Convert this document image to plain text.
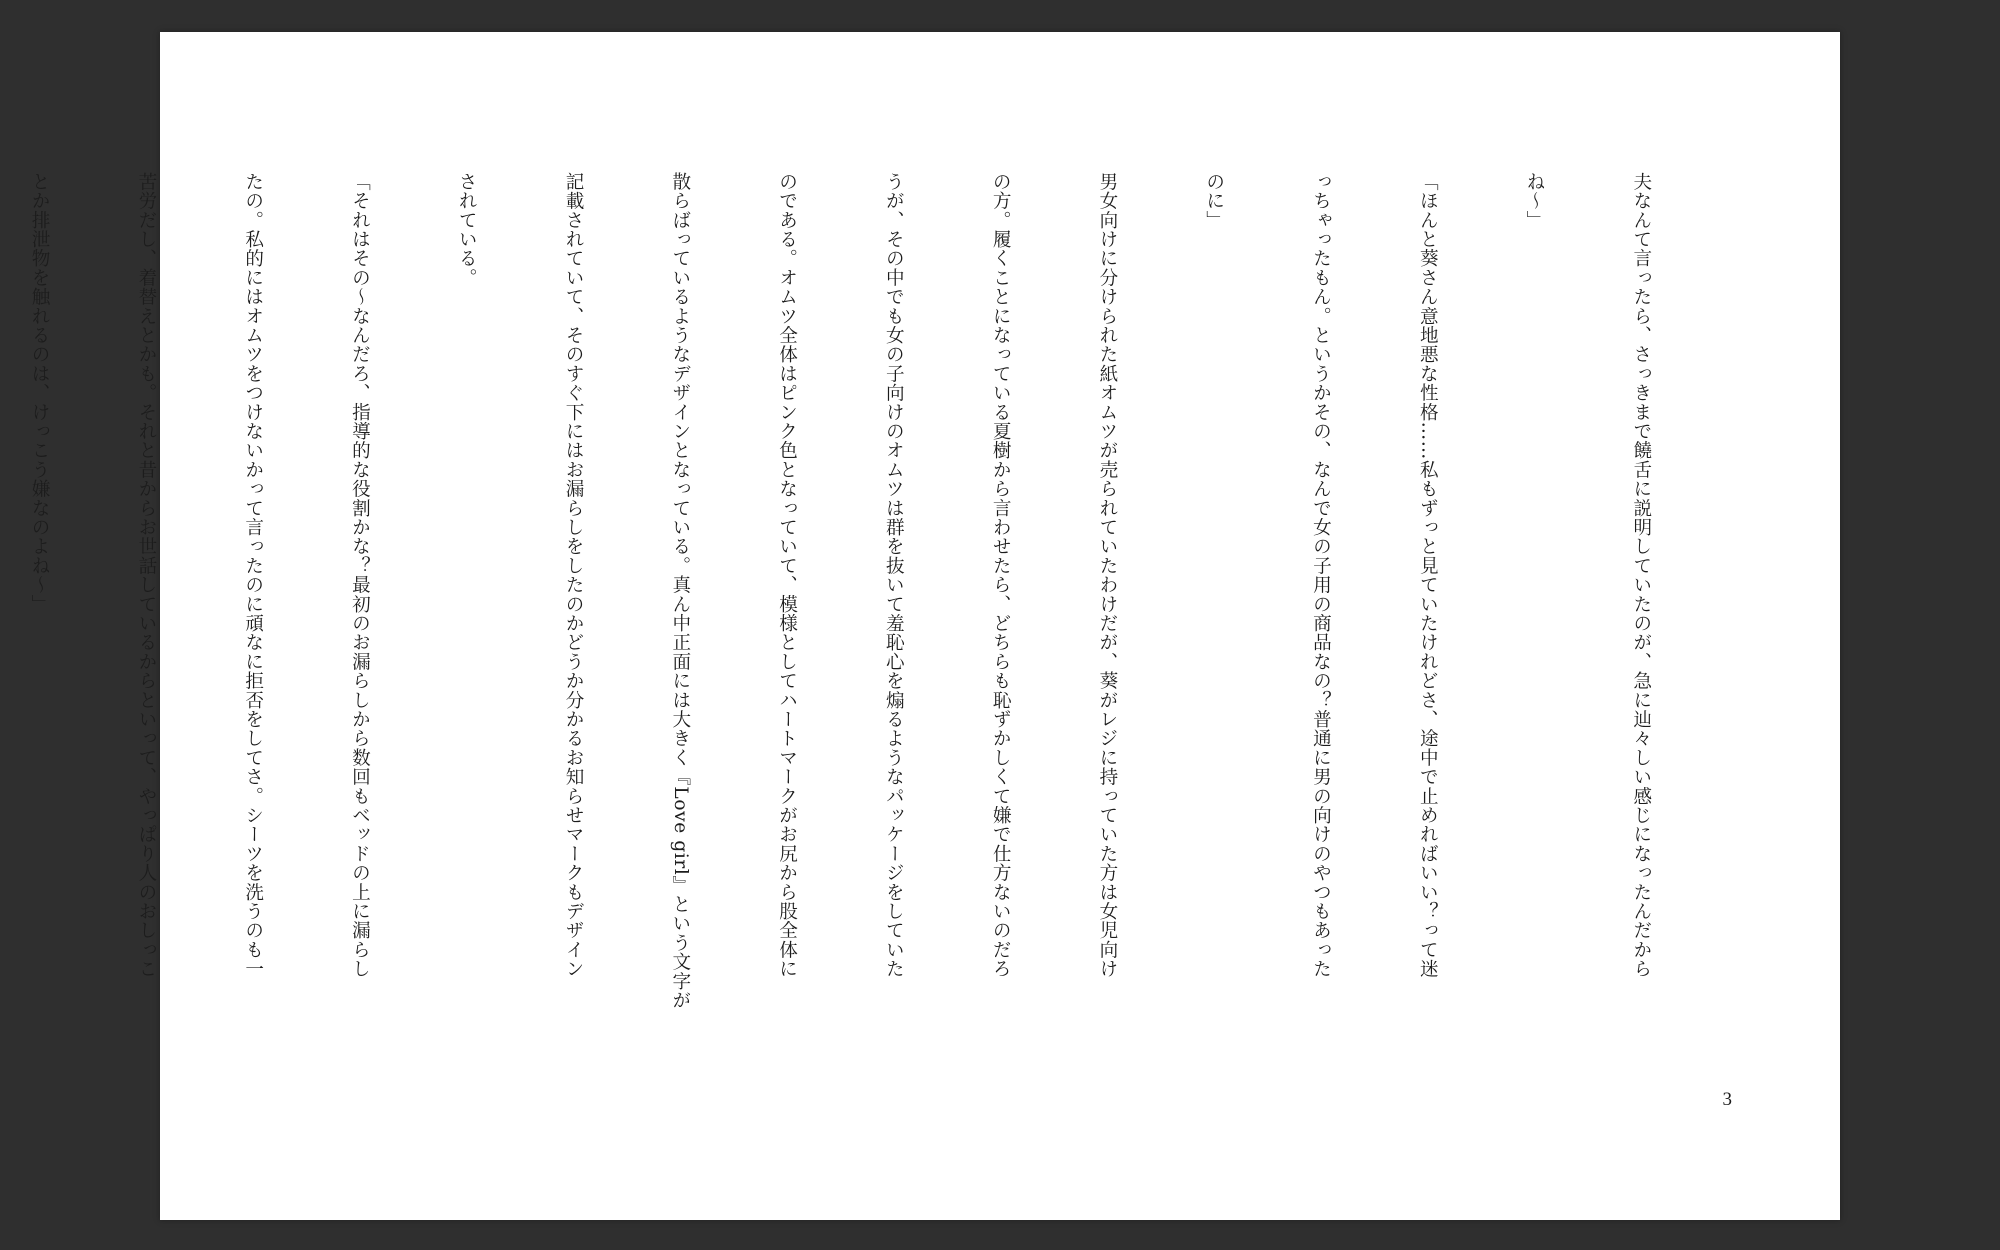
夫なんて言ったら、さっきまで饒舌に説明していたのが、急に辿々しい感じになったんだから

ね～」

「ほんと葵さん意地悪な性格……私もずっと見ていたけれどさ、途中で止めればいい？って迷

っちゃったもん。というかその、なんで女の子用の商品なの？普通に男の向けのやつもあった

のに」

男女向けに分けられた紙オムツが売られていたわけだが、葵がレジに持っていた方は女児向け

の方。履くことになっている夏樹から言わせたら、どちらも恥ずかしくて嫌で仕方ないのだろ

うが、その中でも女の子向けのオムツは群を抜いて羞恥心を煽るようなパッケージをしていた

のである。オムツ全体はピンク色となっていて、模様としてハートマークがお尻から股全体に

散らばっているようなデザインとなっている。真ん中正面には大きく『Love girl』という文字が

記載されていて、そのすぐ下にはお漏らしをしたのかどうか分かるお知らせマークもデザイン

されている。

「それはその～なんだろ、指導的な役割かな？最初のお漏らしから数回もベッドの上に漏らし

たの。私的にはオムツをつけないかって言ったのに頑なに拒否をしてさ。シーツを洗うのも一

苦労だし、着替えとかも。それと昔からお世話しているからといって、やっぱり人のおしっこ

とか排泄物を触れるのは、けっこう嫌なのよね～」

3
